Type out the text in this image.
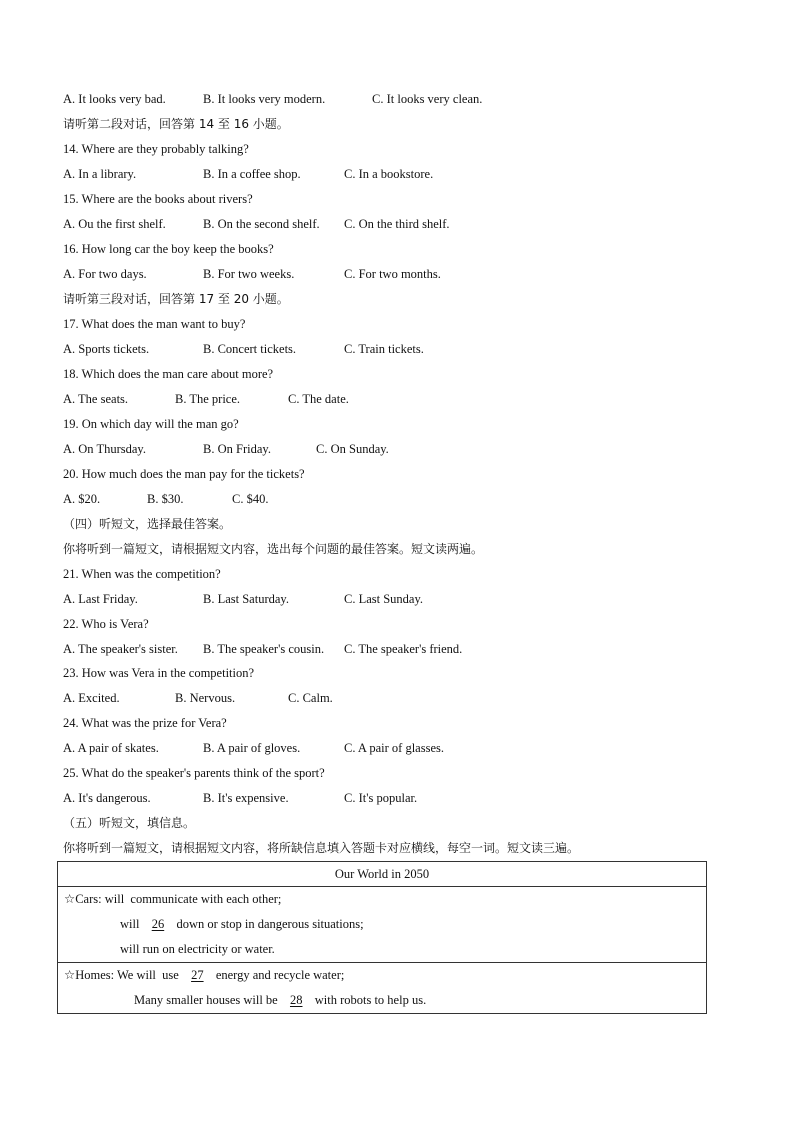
A. It looks very bad.

	B. It looks very modern.

	C. It looks very clean.

请听第二段对话，回答第 14 至 16 小题。
14. Where are they probably talking?

A. In a library.

	B. In a coffee shop.

	C. In a bookstore.

15. Where are the books about rivers?

A. Ou the first shelf.

	B. On the second shelf.

C. On the third shelf.

16. How long car the boy keep the books?

A. For two days.

	B. For two weeks.

	C. For two months.

请听第三段对话，回答第 17 至 20 小题。
17. What does the man want to buy?

A. Sports tickets.

	B. Concert tickets.

	C. Train tickets.

18. Which does the man care about more?

A. The seats.

	B. The price.

	C. The date.

19. On which day will the man go?

A. On Thursday.

	B. On Friday.

	C. On Sunday.

20. How much does the man pay for the tickets?

A. $20.

	B. $30.

	C. $40.

（四）听短文，选择最佳答案。
你将听到一篇短文，请根据短文内容，选出每个问题的最佳答案。短文读两遍。
21. When was the competition?

A. Last Friday.

	B. Last Saturday.

	C. Last Sunday.

22. Who is Vera?

A. The speaker's sister.

B. The speaker's cousin.

C. The speaker's friend.

23. How was Vera in the competition?

A. Excited.

	B. Nervous.

	C. Calm.

24. What was the prize for Vera?

A. A pair of skates.

	B. A pair of gloves.

	C. A pair of glasses.

25. What do the speaker's parents think of the sport?

A. It's dangerous.

	B. It's expensive.

	C. It's popular.

（五）听短文，填信息。
你将听到一篇短文，请根据短文内容，将所缺信息填入答题卡对应横线，每空一词。短文读三遍。
Our World in 2050

☆Cars: will  communicate with each other;
will  26  down or stop in dangerous situations;
will run on electricity or water.

☆Homes: We will  use  27  energy and recycle water;
Many smaller houses will be  28  with robots to help us.
